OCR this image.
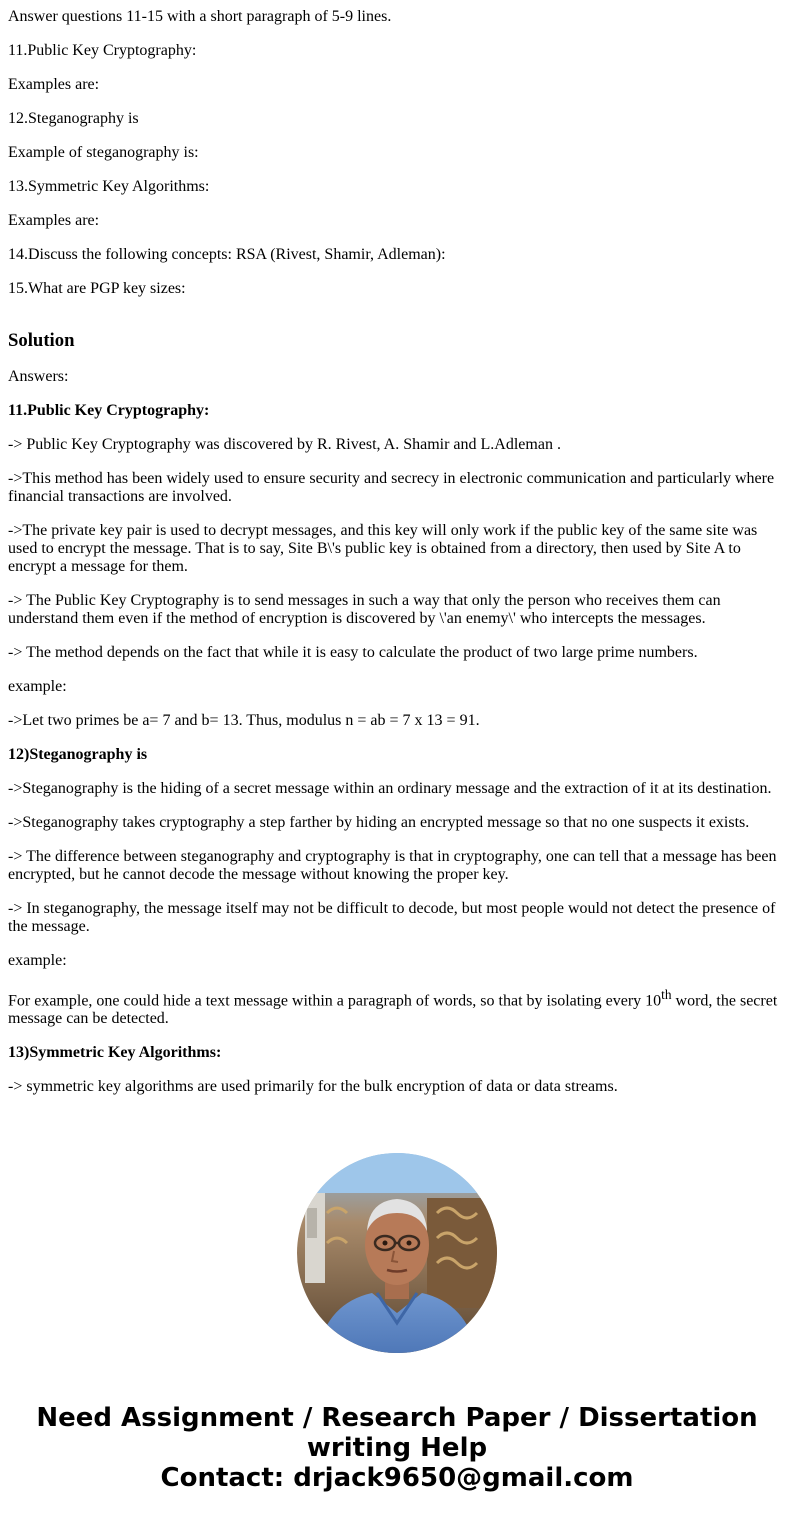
Answer questions 11-15 with a short paragraph of 5-9 lines.

11.Public Key Cryptography:

Examples are:

12.Steganography is

Example of steganography is:

13.Symmetric Key Algorithms:

Examples are:

14.Discuss the following concepts: RSA (Rivest, Shamir, Adleman):

15.What are PGP key sizes:

Solution

Answers:

11.Public Key Cryptography:

-> Public Key Cryptography was discovered by R. Rivest, A. Shamir and L.Adleman .

->This method has been widely used to ensure security and secrecy in electronic communication and particularly where financial transactions are involved.

->The private key pair is used to decrypt messages, and this key will only work if the public key of the same site was used to encrypt the message. That is to say, Site B\'s public key is obtained from a directory, then used by Site A to encrypt a message for them.

-> The Public Key Cryptography is to send messages in such a way that only the person who receives them can understand them even if the method of encryption is discovered by \'an enemy\' who intercepts the messages.

-> The method depends on the fact that while it is easy to calculate the product of two large prime numbers.

example:

->Let two primes be a= 7 and b= 13. Thus, modulus n = ab = 7 x 13 = 91.

12)Steganography is

->Steganography is the hiding of a secret message within an ordinary message and the extraction of it at its destination.

->Steganography takes cryptography a step farther by hiding an encrypted message so that no one suspects it exists.

-> The difference between steganography and cryptography is that in cryptography, one can tell that a message has been encrypted, but he cannot decode the message without knowing the proper key.

-> In steganography, the message itself may not be difficult to decode, but most people would not detect the presence of the message.

example:

For example, one could hide a text message within a paragraph of words, so that by isolating every 10th word, the secret message can be detected.

13)Symmetric Key Algorithms:

-> symmetric key algorithms are used primarily for the bulk encryption of data or data streams.

Need Assignment / Research Paper / Dissertation
writing Help
Contact: drjack9650@gmail.com
